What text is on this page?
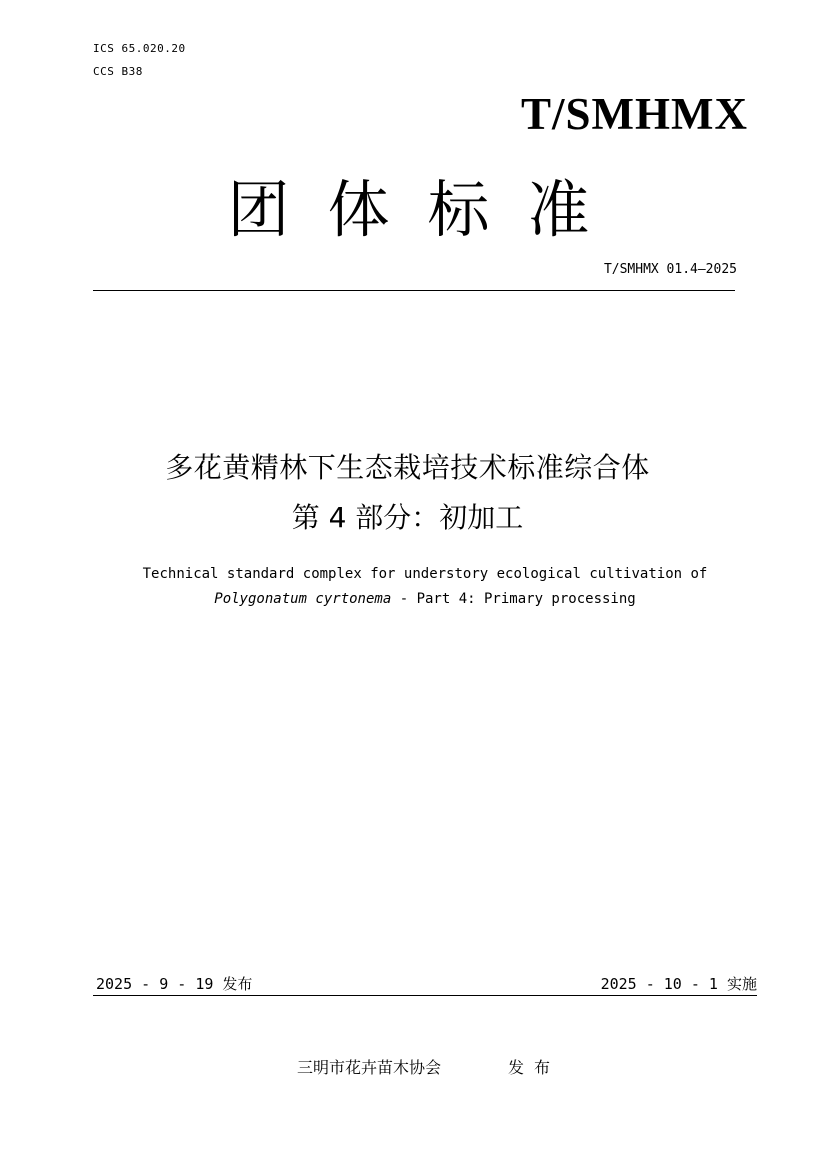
ICS 65.020.20
CCS B38
T/SMHMX
团体标准
T/SMHMX 01.4—2025
多花黄精林下生态栽培技术标准综合体
第 4 部分：初加工
Technical standard complex for understory ecological cultivation of
Polygonatum cyrtonema - Part 4: Primary processing
2025 - 9 - 19 发布	2025 - 10 - 1 实施
三明市花卉苗木协会	发布
